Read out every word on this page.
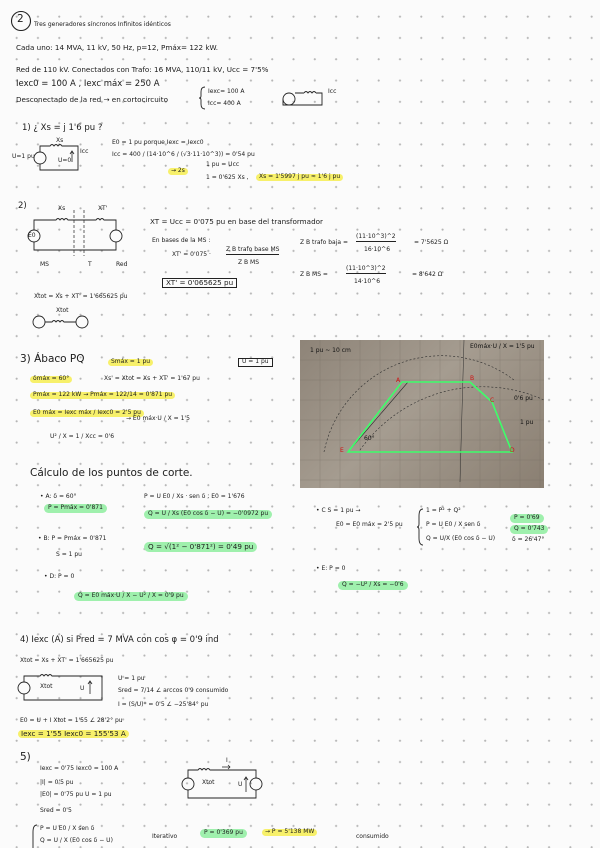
2 Tres generadores síncronos Infinitos idénticos
Cada uno: 14 MVA, 11 kV, 50 Hz, p=12, Pmáx= 122 kW.
Red de 110 kV. Conectados con Trafo: 16 MVA, 110/11 kV, Ucc = 7'5%
Iexc0 = 100 A , Iexc máx = 250 A
Desconectado de la red → en cortocircuito
Iexc= 100 A
Icc= 400 A
Icc
1) ¿ Xs = j 1'6 pu ?
U=1 pu
Xs
Icc
U=0
E0 = 1 pu porque Iexc = Iexc0
Icc = 400 / (14·10^6 / (√3·11·10^3)) = 0'54 pu
→ 2s
1 pu = Ucc
1 = 0'625 Xs ,	Xs = 1'5997 j pu ≈ 1'6 j pu
2)
E0
Xs	XT'
MS	T	Red
XT = Ucc = 0'075 pu en base del transformador
En bases de la MS :
XT' = 0'075 ·
Z B trafo base MS
Z B MS
XT' = 0'065625 pu
Z B trafo baja =
(11·10^3)^2
16·10^6
= 7'5625 Ω
Z B MS =
(11·10^3)^2
14·10^6
= 8'642 Ω
Xtot = Xs + XT' = 1'665625 pu
Xtot
3) Ábaco PQ	Smáx = 1 pu	U = 1 pu
δmáx = 60°	Xs' = Xtot = Xs + XT' = 1'67 pu
Pmáx = 122 kW → Pmáx = 122/14 = 0'871 pu
E0 máx = Iexc máx / Iexc0 = 2'5 pu
→ E0 máx·U / X = 1'5
U² / X = 1 / Xcc = 0'6
1 pu ~ 10 cm
E0máx·U / X = 1'5 pu
0'6 pu
1 pu
60°
A	B
C
D
E
Cálculo de los puntos de corte.
• A: δ = 60°
P = Pmáx = 0'871
P = U E0 / Xs · sen δ ; E0 = 1'676
Q = U / Xs (E0 cos δ − U) = −0'0972 pu
• B: P = Pmáx = 0'871
S = 1 pu
Q = √(1² − 0'871²) = 0'49 pu
• C S = 1 pu →
E0 = E0 máx = 2'5 pu
1 = P² + Q²
P = U E0 / X sen δ
Q = U/X (E0 cos δ − U)
P = 0'69
Q = 0'743
δ = 26'47°
• D: P = 0
Q = E0 máx·U / X − U² / X = 0'9 pu
• E: P = 0
Q = −U² / Xs = −0'6
4) Iexc (A) si Pred = 7 MVA con cos φ = 0'9 ind
Xtot = Xs + XT' = 1'665625 pu
Xtot	U
U = 1 pu
Sred = 7/14 ∠ arccos 0'9 consumido
I = (S/U)* = 0'5 ∠ −25'84° pu
E0 = U + I Xtot = 1'55 ∠ 28'2° pu
Iexc = 1'55 Iexc0 = 155'53 A
5)
Iexc = 0'75 Iexc0 = 100 A
|I| = 0'5 pu
|E0| = 0'75 pu U = 1 pu
Sred = 0'5
Xtot
I
U
P = U E0 / X sen δ
Q = U / X (E0 cos δ − U)
Iterativo
P = 0'369 pu	→ P = 5'138 MW
consumido
